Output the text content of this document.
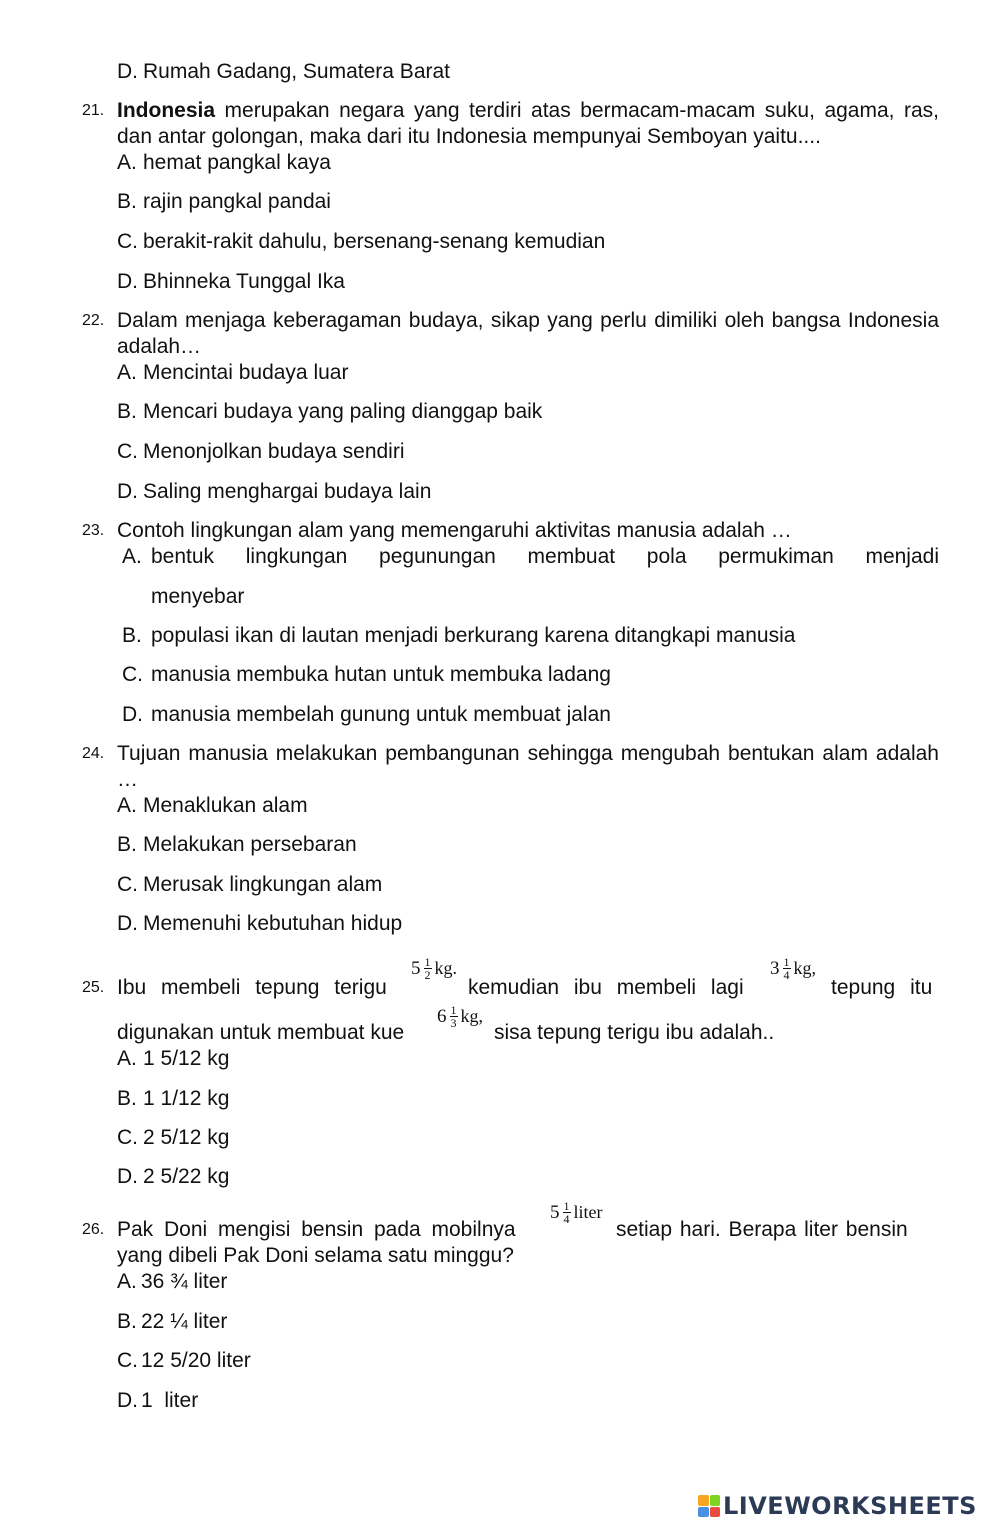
D. Rumah Gadang, Sumatera Barat
21. Indonesia merupakan negara yang terdiri atas bermacam-macam suku, agama, ras, dan antar golongan, maka dari itu Indonesia mempunyai Semboyan yaitu....
A. hemat pangkal kaya
B. rajin pangkal pandai
C. berakit-rakit dahulu, bersenang-senang kemudian
D. Bhinneka Tunggal Ika
22. Dalam menjaga keberagaman budaya, sikap yang perlu dimiliki oleh bangsa Indonesia adalah…
A. Mencintai budaya luar
B. Mencari budaya yang paling dianggap baik
C. Menonjolkan budaya sendiri
D. Saling menghargai budaya lain
23. Contoh lingkungan alam yang memengaruhi aktivitas manusia adalah …
A. bentuk lingkungan pegunungan membuat pola permukiman menjadi
menyebar
B. populasi ikan di lautan menjadi berkurang karena ditangkapi manusia
C. manusia membuka hutan untuk membuka ladang
D. manusia membelah gunung untuk membuat jalan
24. Tujuan manusia melakukan pembangunan sehingga mengubah bentukan alam adalah …
A. Menaklukan alam
B. Melakukan persebaran
C. Merusak lingkungan alam
D. Memenuhi kebutuhan hidup
25. Ibu membeli tepung terigu
$5 \frac{1}{2}$ kg.
kemudian ibu membeli lagi
$3 \frac{1}{4}$ kg,
tepung itu
digunakan untuk membuat kue
$6 \frac{1}{3}$ kg,
sisa tepung terigu ibu adalah..
A. 1 5/12 kg
B. 1 1/12 kg
C. 2 5/12 kg
D. 2 5/22 kg
26. Pak Doni mengisi bensin pada mobilnya
$5 \frac{1}{4}$ liter
setiap hari. Berapa liter bensin
yang dibeli Pak Doni selama satu minggu?
A. 36 ¾ liter
B. 22 ¼ liter
C. 12 5/20 liter
D. 1  liter
LIVEWORKSHEETS
